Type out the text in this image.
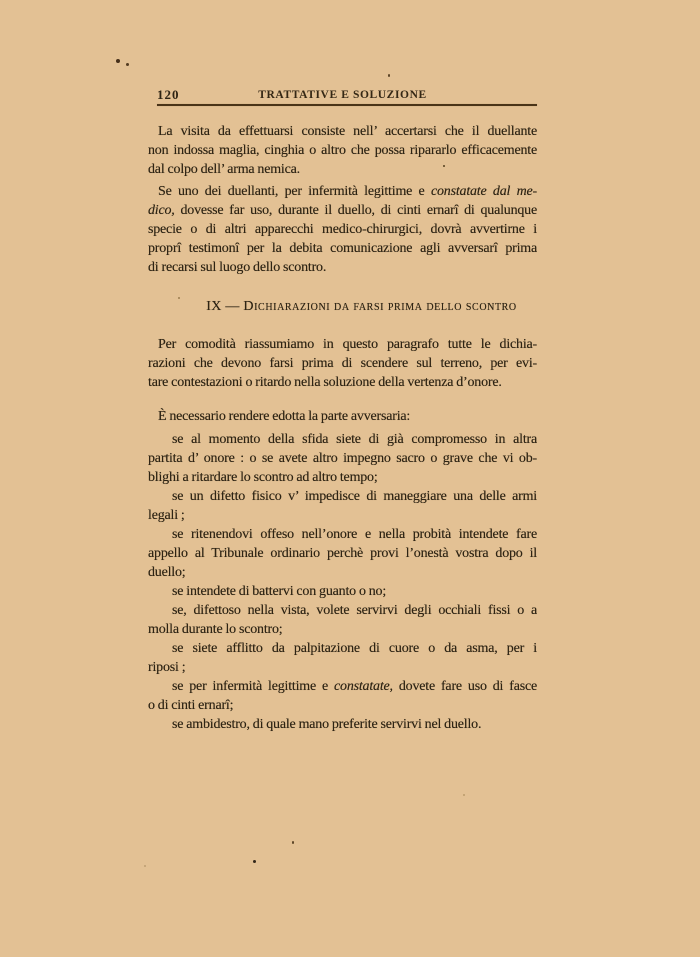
120	TRATTATIVE E SOLUZIONE
La visita da effettuarsi consiste nell’ accertarsi che il duellante
non indossa maglia, cinghia o altro che possa ripararlo efficacemente
dal colpo dell’ arma nemica.
Se uno dei duellanti, per infermità legittime e constatate dal me-
dico, dovesse far uso, durante il duello, di cinti ernarî di qualunque
specie o di altri apparecchi medico-chirurgici, dovrà avvertirne i
proprî testimonî per la debita comunicazione agli avversarî prima
di recarsi sul luogo dello scontro.
IX — Dichiarazioni da farsi prima dello scontro
Per comodità riassumiamo in questo paragrafo tutte le dichia-
razioni che devono farsi prima di scendere sul terreno, per evi-
tare contestazioni o ritardo nella soluzione della vertenza d’onore.
È necessario rendere edotta la parte avversaria:
se al momento della sfida siete di già compromesso in altra
partita d’ onore : o se avete altro impegno sacro o grave che vi ob-
blighi a ritardare lo scontro ad altro tempo;
se un difetto fisico v’ impedisce di maneggiare una delle armi
legali ;
se ritenendovi offeso nell’onore e nella probità intendete fare
appello al Tribunale ordinario perchè provi l’onestà vostra dopo il
duello;
se intendete di battervi con guanto o no;
se, difettoso nella vista, volete servirvi degli occhiali fissi o a
molla durante lo scontro;
se siete afflitto da palpitazione di cuore o da asma, per i
riposi ;
se per infermità legittime e constatate, dovete fare uso di fasce
o di cinti ernarî;
se ambidestro, di quale mano preferite servirvi nel duello.
